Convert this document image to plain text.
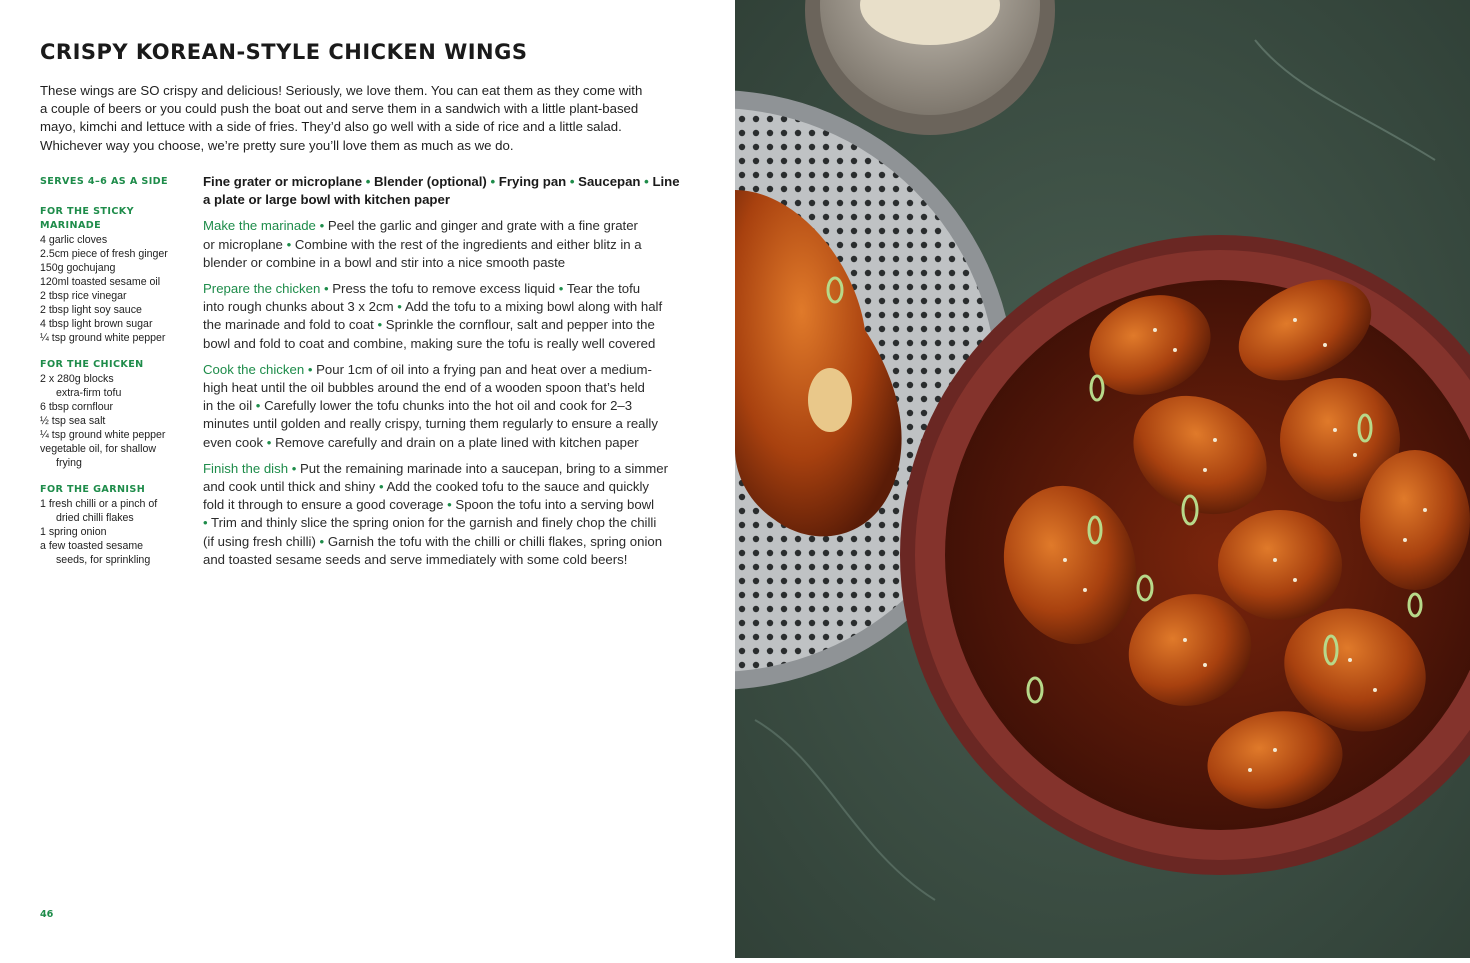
CRISPY KOREAN-STYLE CHICKEN WINGS
These wings are SO crispy and delicious! Seriously, we love them. You can eat them as they come with
a couple of beers or you could push the boat out and serve them in a sandwich with a little plant-based
mayo, kimchi and lettuce with a side of fries. They’d also go well with a side of rice and a little salad.
Whichever way you choose, we’re pretty sure you’ll love them as much as we do.
SERVES 4–6 AS A SIDE
FOR THE STICKY
MARINADE
4 garlic cloves
2.5cm piece of fresh ginger
150g gochujang
120ml toasted sesame oil
2 tbsp rice vinegar
2 tbsp light soy sauce
4 tbsp light brown sugar
¼ tsp ground white pepper
FOR THE CHICKEN
2 x 280g blocks
extra-firm tofu
6 tbsp cornflour
½ tsp sea salt
¼ tsp ground white pepper
vegetable oil, for shallow
frying
FOR THE GARNISH
1 fresh chilli or a pinch of
dried chilli flakes
1 spring onion
a few toasted sesame
seeds, for sprinkling
Fine grater or microplane • Blender (optional) • Frying pan • Saucepan • Line
a plate or large bowl with kitchen paper
Make the marinade • Peel the garlic and ginger and grate with a fine grater
or microplane • Combine with the rest of the ingredients and either blitz in a
blender or combine in a bowl and stir into a nice smooth paste
Prepare the chicken • Press the tofu to remove excess liquid • Tear the tofu
into rough chunks about 3 x 2cm • Add the tofu to a mixing bowl along with half
the marinade and fold to coat • Sprinkle the cornflour, salt and pepper into the
bowl and fold to coat and combine, making sure the tofu is really well covered
Cook the chicken • Pour 1cm of oil into a frying pan and heat over a medium-
high heat until the oil bubbles around the end of a wooden spoon that’s held
in the oil • Carefully lower the tofu chunks into the hot oil and cook for 2–3
minutes until golden and really crispy, turning them regularly to ensure a really
even cook • Remove carefully and drain on a plate lined with kitchen paper
Finish the dish • Put the remaining marinade into a saucepan, bring to a simmer
and cook until thick and shiny • Add the cooked tofu to the sauce and quickly
fold it through to ensure a good coverage • Spoon the tofu into a serving bowl
• Trim and thinly slice the spring onion for the garnish and finely chop the chilli
(if using fresh chilli) • Garnish the tofu with the chilli or chilli flakes, spring onion
and toasted sesame seeds and serve immediately with some cold beers!
46
